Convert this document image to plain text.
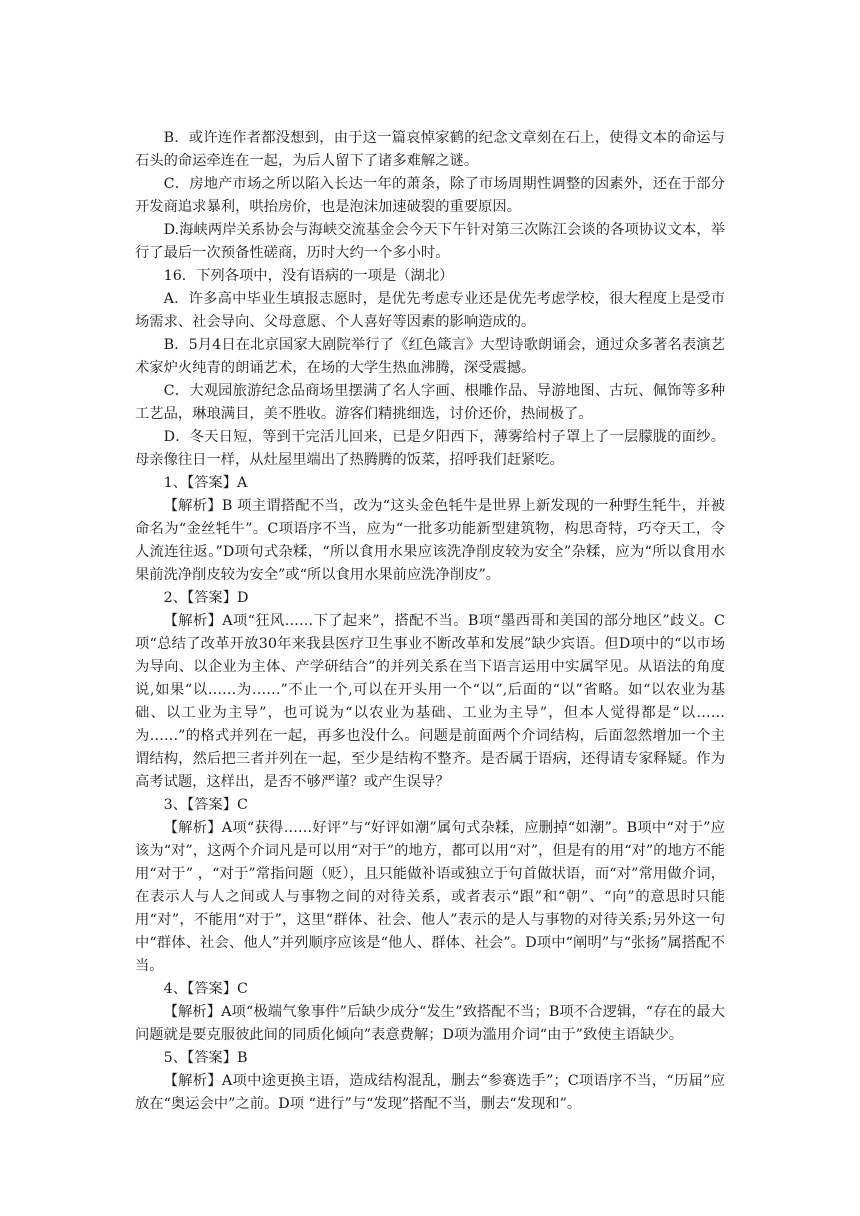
B．或许连作者都没想到，由于这一篇哀悼家鹤的纪念文章刻在石上，使得文本的命运与石头的命运牵连在一起，为后人留下了诸多难解之谜。

C．房地产市场之所以陷入长达一年的萧条，除了市场周期性调整的因素外，还在于部分开发商追求暴利，哄抬房价，也是泡沫加速破裂的重要原因。

D.海峡两岸关系协会与海峡交流基金会今天下午针对第三次陈江会谈的各项协议文本，举行了最后一次预备性磋商，历时大约一个多小时。

16．下列各项中，没有语病的一项是（湖北）

A．许多高中毕业生填报志愿时，是优先考虑专业还是优先考虑学校，很大程度上是受市场需求、社会导向、父母意愿、个人喜好等因素的影响造成的。

B．5月4日在北京国家大剧院举行了《红色箴言》大型诗歌朗诵会，通过众多著名表演艺术家炉火纯青的朗诵艺术，在场的大学生热血沸腾，深受震撼。

C．大观园旅游纪念品商场里摆满了名人字画、根雕作品、导游地图、古玩、佩饰等多种工艺品，琳琅满目，美不胜收。游客们精挑细选，讨价还价，热闹极了。

D．冬天日短，等到干完活儿回来，已是夕阳西下，薄雾给村子罩上了一层朦胧的面纱。母亲像往日一样，从灶屋里端出了热腾腾的饭菜，招呼我们赶紧吃。

1、【答案】A

【解析】B 项主谓搭配不当，改为“这头金色牦牛是世界上新发现的一种野生牦牛，并被命名为“金丝牦牛”。C项语序不当，应为“一批多功能新型建筑物，构思奇特，巧夺天工，令人流连往返。”D项句式杂糅，“所以食用水果应该洗净削皮较为安全”杂糅，应为“所以食用水果前洗净削皮较为安全”或“所以食用水果前应洗净削皮”。

2、【答案】D

【解析】A项“狂风……下了起来”，搭配不当。B项“墨西哥和美国的部分地区”歧义。C项“总结了改革开放30年来我县医疗卫生事业不断改革和发展”缺少宾语。但D项中的“以市场为导向、以企业为主体、产学研结合”的并列关系在当下语言运用中实属罕见。从语法的角度说,如果“以……为……”不止一个,可以在开头用一个“以”,后面的“以”省略。如“以农业为基础、以工业为主导”，也可说为“以农业为基础、工业为主导”，但本人觉得都是“以……为……”的格式并列在一起，再多也没什么。问题是前面两个介词结构，后面忽然增加一个主谓结构，然后把三者并列在一起，至少是结构不整齐。是否属于语病，还得请专家释疑。作为高考试题，这样出，是否不够严谨？或产生误导？

3、【答案】C

【解析】A项“获得……好评”与“好评如潮”属句式杂糅，应删掉“如潮”。B项中“对于”应该为“对”，这两个介词凡是可以用“对于”的地方，都可以用“对”，但是有的用“对”的地方不能用“对于” ，“对于”常指问题（贬），且只能做补语或独立于句首做状语，而“对”常用做介词，在表示人与人之间或人与事物之间的对待关系，或者表示“跟”和“朝”、“向”的意思时只能用“对”，不能用“对于”，这里“群体、社会、他人”表示的是人与事物的对待关系;另外这一句中“群体、社会、他人”并列顺序应该是“他人、群体、社会”。D项中“阐明”与“张扬”属搭配不当。

4、【答案】C

【解析】A项“极端气象事件”后缺少成分“发生”致搭配不当；B项不合逻辑，“存在的最大问题就是要克服彼此间的同质化倾向”表意费解；D项为滥用介词“由于”致使主语缺少。

5、【答案】B

【解析】A项中途更换主语，造成结构混乱，删去“参赛选手”；C项语序不当，“历届”应放在“奥运会中”之前。D项 “进行”与“发现”搭配不当，删去“发现和”。
